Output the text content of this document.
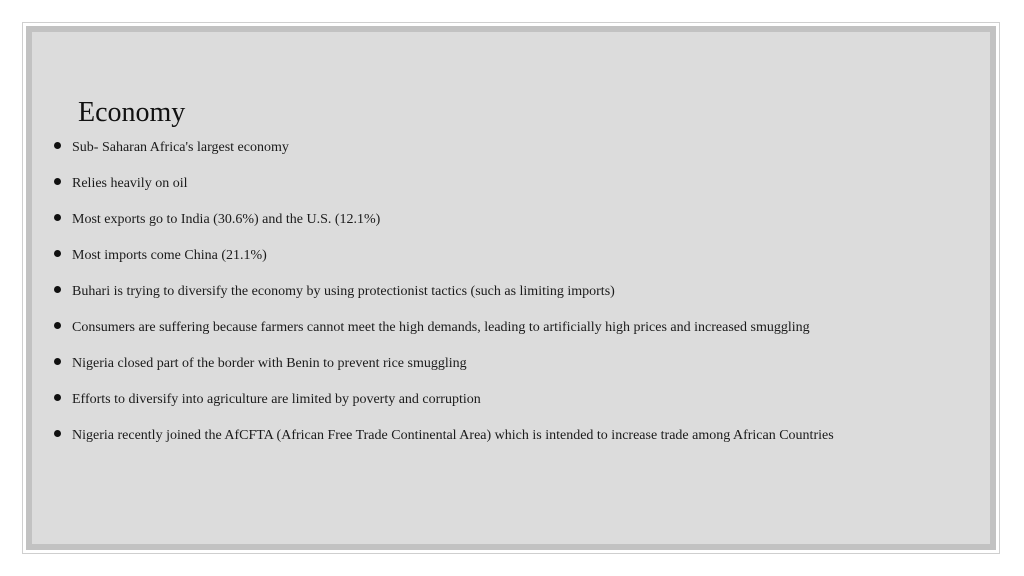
Economy
Sub- Saharan Africa's largest economy
Relies heavily on oil
Most exports go to India (30.6%) and the U.S. (12.1%)
Most imports come China (21.1%)
Buhari is trying to diversify the economy by using protectionist tactics (such as limiting imports)
Consumers are suffering because farmers cannot meet the high demands, leading to artificially high prices and increased smuggling
Nigeria closed part of the border with Benin to prevent rice smuggling
Efforts to diversify into agriculture are limited by poverty and corruption
Nigeria recently joined the AfCFTA (African Free Trade Continental Area) which is intended to increase trade among African Countries
